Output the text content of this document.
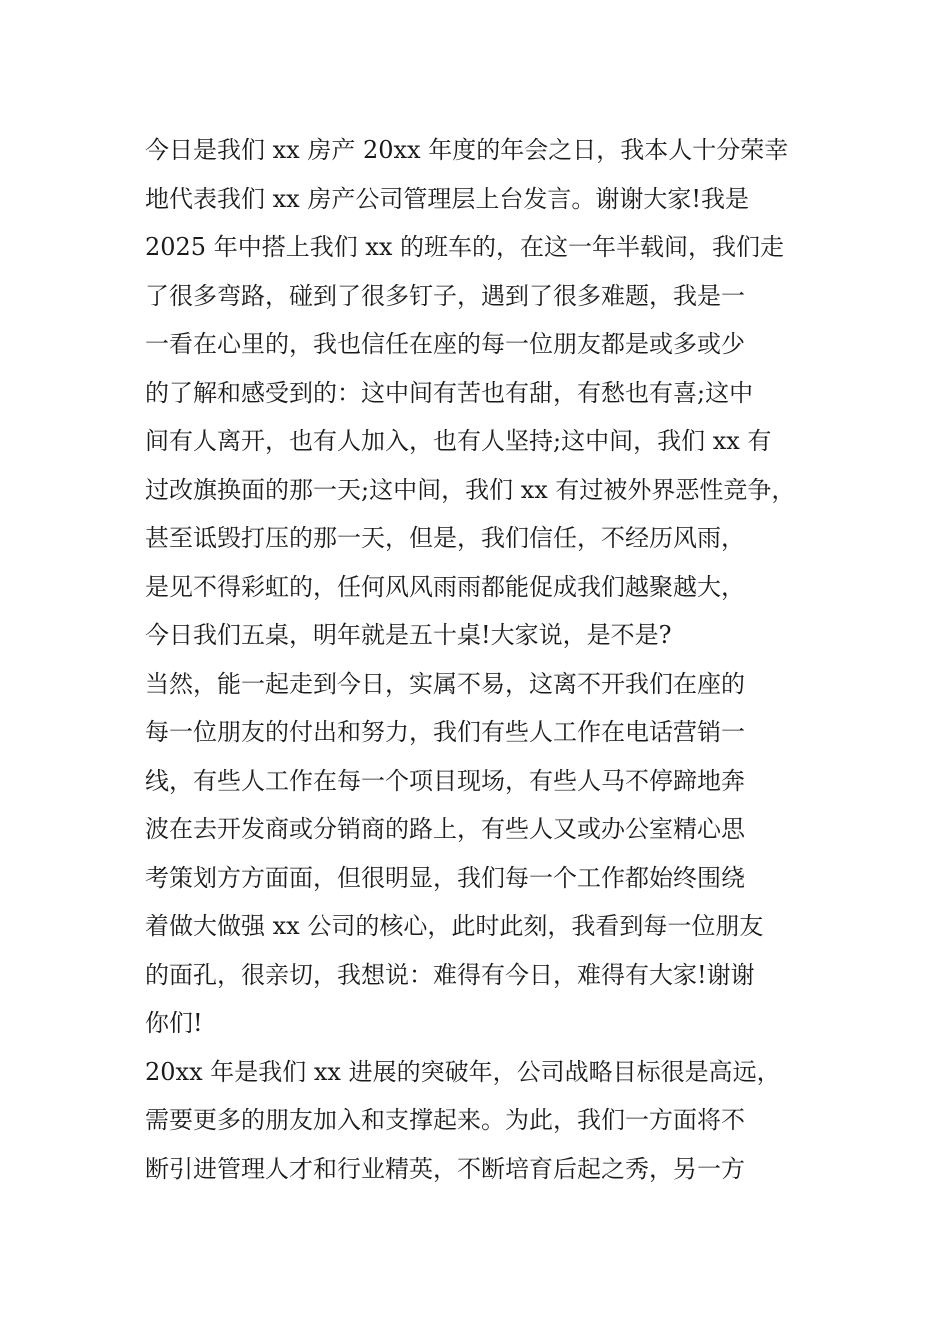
今日是我们 xx 房产 20xx 年度的年会之日，我本人十分荣幸
地代表我们 xx 房产公司管理层上台发言。谢谢大家!我是
2025 年中搭上我们 xx 的班车的，在这一年半载间，我们走
了很多弯路，碰到了很多钉子，遇到了很多难题，我是一
一看在心里的，我也信任在座的每一位朋友都是或多或少
的了解和感受到的：这中间有苦也有甜，有愁也有喜;这中
间有人离开，也有人加入，也有人坚持;这中间，我们 xx 有
过改旗换面的那一天;这中间，我们 xx 有过被外界恶性竞争，
甚至诋毁打压的那一天，但是，我们信任，不经历风雨，
是见不得彩虹的，任何风风雨雨都能促成我们越聚越大，
今日我们五桌，明年就是五十桌!大家说，是不是?
当然，能一起走到今日，实属不易，这离不开我们在座的
每一位朋友的付出和努力，我们有些人工作在电话营销一
线，有些人工作在每一个项目现场，有些人马不停蹄地奔
波在去开发商或分销商的路上，有些人又或办公室精心思
考策划方方面面，但很明显，我们每一个工作都始终围绕
着做大做强 xx 公司的核心，此时此刻，我看到每一位朋友
的面孔，很亲切，我想说：难得有今日，难得有大家!谢谢
你们!
20xx 年是我们 xx 进展的突破年，公司战略目标很是高远，
需要更多的朋友加入和支撑起来。为此，我们一方面将不
断引进管理人才和行业精英，不断培育后起之秀，另一方
